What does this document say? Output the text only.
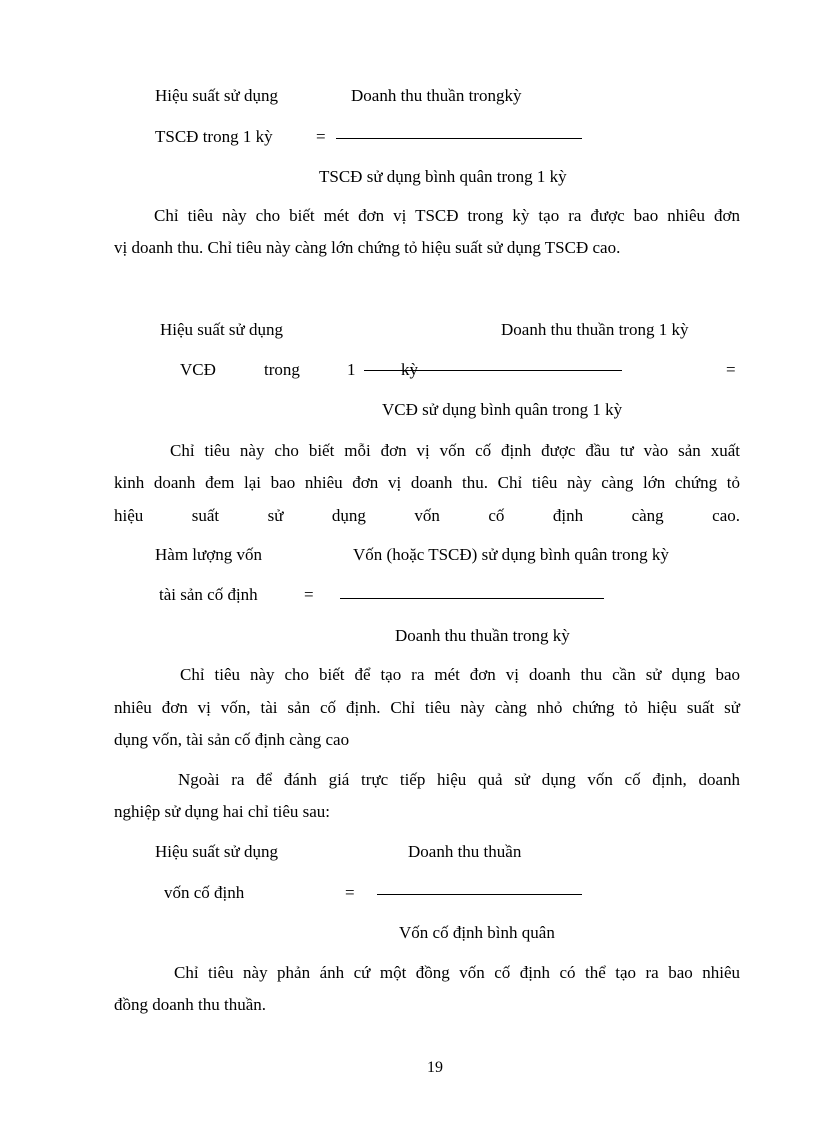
Hiệu suất sử dụng	Doanh thu thuần trongkỳ
TSCĐ trong 1 kỳ	=
TSCĐ sử dụng bình quân trong 1 kỳ
Chỉ tiêu này cho biết mét đơn vị TSCĐ trong kỳ tạo ra được bao nhiêu đơn
vị doanh thu. Chỉ tiêu này càng lớn chứng tỏ hiệu suất sử dụng TSCĐ cao.
Hiệu suất sử dụng	Doanh thu thuần trong 1 kỳ
VCĐ	trong	1	kỳ	=
VCĐ sử dụng bình quân trong 1 kỳ
Chỉ tiêu này cho biết mỗi đơn vị vốn cố định được đầu tư vào sản xuất
kinh doanh đem lại bao nhiêu đơn vị doanh thu. Chỉ tiêu này càng lớn chứng tỏ
hiệu suất sử dụng vốn cố định càng cao.
Hàm lượng vốn	Vốn (hoặc TSCĐ) sử dụng bình quân trong kỳ
tài sản cố định	=
Doanh thu thuần trong kỳ
Chỉ tiêu này cho biết để tạo ra mét đơn vị doanh thu cần sử dụng bao
nhiêu đơn vị vốn, tài sản cố định. Chỉ tiêu này càng nhỏ chứng tỏ hiệu suất sử
dụng vốn, tài sản cố định càng cao
Ngoài ra để đánh giá trực tiếp hiệu quả sử dụng vốn cố định, doanh
nghiệp sử dụng hai chỉ tiêu sau:
Hiệu suất sử dụng	Doanh thu thuần
vốn cố định	=
Vốn cố định bình quân
Chỉ tiêu này phản ánh cứ một đồng vốn cố định có thể tạo ra bao nhiêu
đồng doanh thu thuần.
19
